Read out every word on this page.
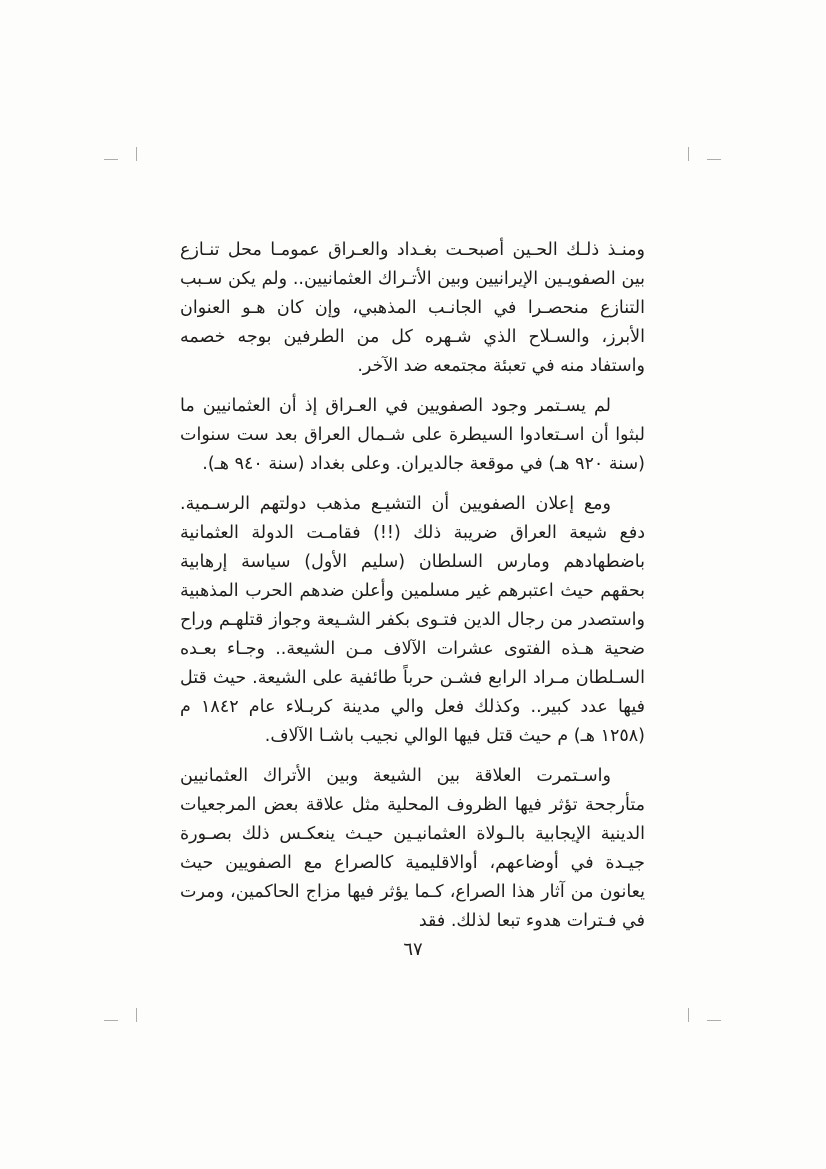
ومنـذ ذلـك الحـين أصبحـت بغـداد والعـراق عمومـا محل تنـازع بين الصفويـين الإيرانيين وبين الأتـراك العثمانيين.. ولم يكن سـبب التنازع منحصـرا في الجانـب المذهبي، وإن كان هـو العنوان الأبرز، والسـلاح الذي شـهره كل من الطرفين بوجه خصمه واستفاد منه في تعبئة مجتمعه ضد الآخر.

لم يسـتمر وجود الصفويين في العـراق إذ أن العثمانيين ما لبثوا أن اسـتعادوا السيطرة على شـمال العراق بعد ست سنوات (سنة ٩٢٠ هـ) في موقعة جالديران. وعلى بغداد (سنة ٩٤٠ هـ).

ومع إعلان الصفويين أن التشيـع مذهب دولتهم الرسـمية. دفع شيعة العراق ضريبة ذلك (!!) فقامـت الدولة العثمانية باضطهادهم ومارس السلطان (سليم الأول) سياسة إرهابية بحقهم حيث اعتبرهم غير مسلمين وأعلن ضدهم الحرب المذهبية واستصدر من رجال الدين فتـوى بكفر الشـيعة وجواز قتلهـم وراح ضحية هـذه الفتوى عشرات الآلاف مـن الشيعة.. وجـاء بعـده السـلطان مـراد الرابع فشـن حرباً طائفية على الشيعة. حيث قتل فيها عدد كبير.. وكذلك فعل والي مدينة كربـلاء عام ١٨٤٢ م (١٢٥٨ هـ) م حيث قتل فيها الوالي نجيب باشـا الآلاف.

واسـتمرت العلاقة بين الشيعة وبين الأتراك العثمانيين متأرجحة تؤثر فيها الظروف المحلية مثل علاقة بعض المرجعيات الدينية الإيجابية بالـولاة العثمانيـين حيـث ينعكـس ذلك بصـورة جيـدة في أوضاعهم، أوالاقليمية كالصراع مع الصفويين حيث يعانون من آثار هذا الصراع، كـما يؤثر فيها مزاج الحاكمين، ومرت في فـترات هدوء تبعا لذلك. فقد

٦٧
